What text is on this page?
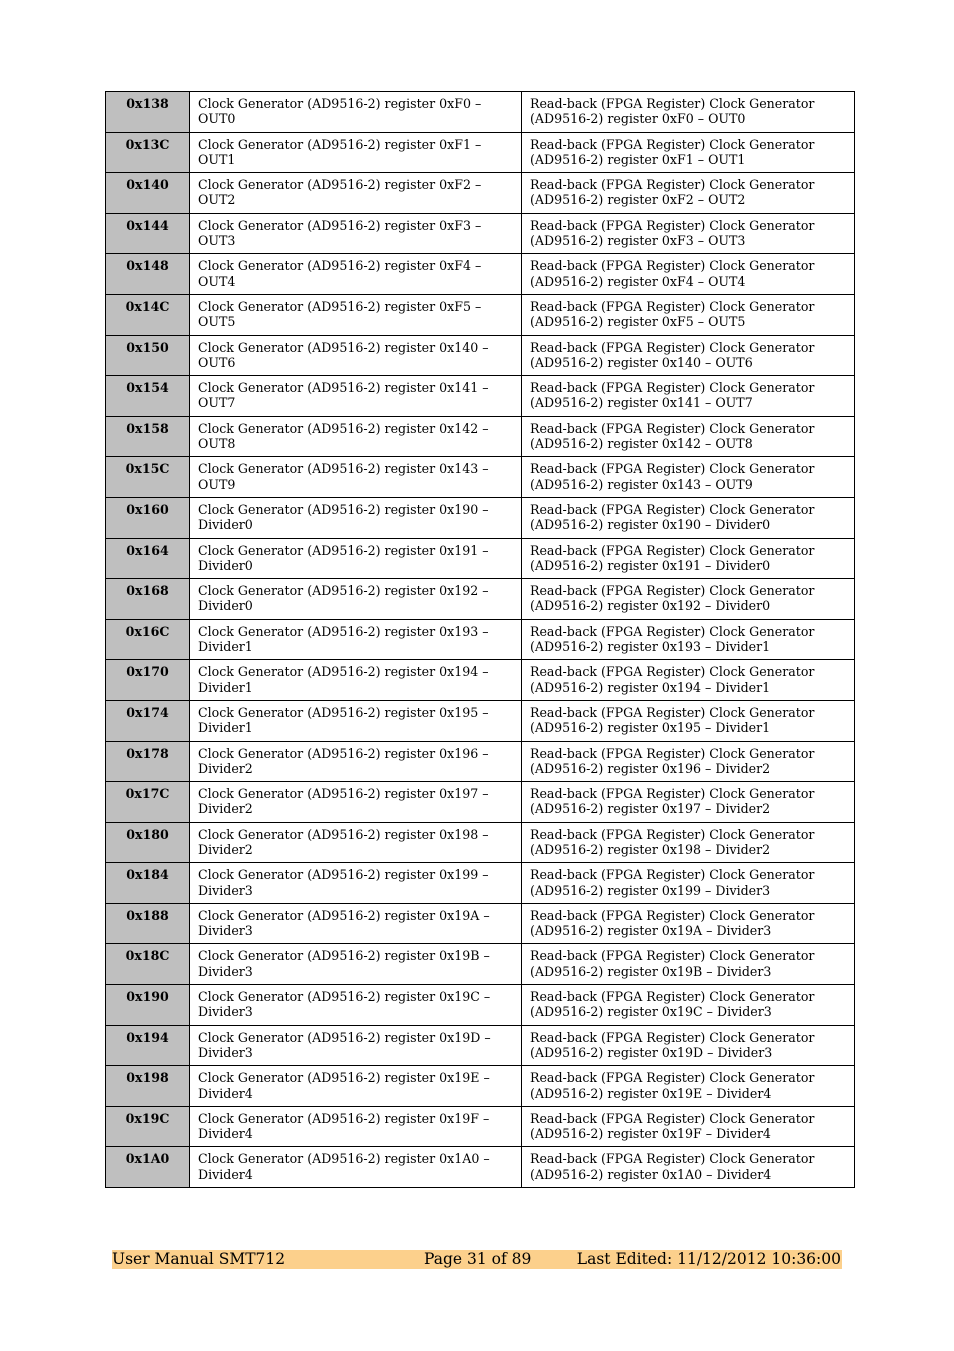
0x138	Clock Generator (AD9516-2) register 0xF0 – OUT0	Read-back (FPGA Register) Clock Generator (AD9516-2) register 0xF0 – OUT0
0x13C	Clock Generator (AD9516-2) register 0xF1 – OUT1	Read-back (FPGA Register) Clock Generator (AD9516-2) register 0xF1 – OUT1
0x140	Clock Generator (AD9516-2) register 0xF2 – OUT2	Read-back (FPGA Register) Clock Generator (AD9516-2) register 0xF2 – OUT2
0x144	Clock Generator (AD9516-2) register 0xF3 – OUT3	Read-back (FPGA Register) Clock Generator (AD9516-2) register 0xF3 – OUT3
0x148	Clock Generator (AD9516-2) register 0xF4 – OUT4	Read-back (FPGA Register) Clock Generator (AD9516-2) register 0xF4 – OUT4
0x14C	Clock Generator (AD9516-2) register 0xF5 – OUT5	Read-back (FPGA Register) Clock Generator (AD9516-2) register 0xF5 – OUT5
0x150	Clock Generator (AD9516-2) register 0x140 – OUT6	Read-back (FPGA Register) Clock Generator (AD9516-2) register 0x140 – OUT6
0x154	Clock Generator (AD9516-2) register 0x141 – OUT7	Read-back (FPGA Register) Clock Generator (AD9516-2) register 0x141 – OUT7
0x158	Clock Generator (AD9516-2) register 0x142 – OUT8	Read-back (FPGA Register) Clock Generator (AD9516-2) register 0x142 – OUT8
0x15C	Clock Generator (AD9516-2) register 0x143 – OUT9	Read-back (FPGA Register) Clock Generator (AD9516-2) register 0x143 – OUT9
0x160	Clock Generator (AD9516-2) register 0x190 – Divider0	Read-back (FPGA Register) Clock Generator (AD9516-2) register 0x190 – Divider0
0x164	Clock Generator (AD9516-2) register 0x191 – Divider0	Read-back (FPGA Register) Clock Generator (AD9516-2) register 0x191 – Divider0
0x168	Clock Generator (AD9516-2) register 0x192 – Divider0	Read-back (FPGA Register) Clock Generator (AD9516-2) register 0x192 – Divider0
0x16C	Clock Generator (AD9516-2) register 0x193 – Divider1	Read-back (FPGA Register) Clock Generator (AD9516-2) register 0x193 – Divider1
0x170	Clock Generator (AD9516-2) register 0x194 – Divider1	Read-back (FPGA Register) Clock Generator (AD9516-2) register 0x194 – Divider1
0x174	Clock Generator (AD9516-2) register 0x195 – Divider1	Read-back (FPGA Register) Clock Generator (AD9516-2) register 0x195 – Divider1
0x178	Clock Generator (AD9516-2) register 0x196 – Divider2	Read-back (FPGA Register) Clock Generator (AD9516-2) register 0x196 – Divider2
0x17C	Clock Generator (AD9516-2) register 0x197 – Divider2	Read-back (FPGA Register) Clock Generator (AD9516-2) register 0x197 – Divider2
0x180	Clock Generator (AD9516-2) register 0x198 – Divider2	Read-back (FPGA Register) Clock Generator (AD9516-2) register 0x198 – Divider2
0x184	Clock Generator (AD9516-2) register 0x199 – Divider3	Read-back (FPGA Register) Clock Generator (AD9516-2) register 0x199 – Divider3
0x188	Clock Generator (AD9516-2) register 0x19A – Divider3	Read-back (FPGA Register) Clock Generator (AD9516-2) register 0x19A – Divider3
0x18C	Clock Generator (AD9516-2) register 0x19B – Divider3	Read-back (FPGA Register) Clock Generator (AD9516-2) register 0x19B – Divider3
0x190	Clock Generator (AD9516-2) register 0x19C – Divider3	Read-back (FPGA Register) Clock Generator (AD9516-2) register 0x19C – Divider3
0x194	Clock Generator (AD9516-2) register 0x19D – Divider3	Read-back (FPGA Register) Clock Generator (AD9516-2) register 0x19D – Divider3
0x198	Clock Generator (AD9516-2) register 0x19E – Divider4	Read-back (FPGA Register) Clock Generator (AD9516-2) register 0x19E – Divider4
0x19C	Clock Generator (AD9516-2) register 0x19F – Divider4	Read-back (FPGA Register) Clock Generator (AD9516-2) register 0x19F – Divider4
0x1A0	Clock Generator (AD9516-2) register 0x1A0 – Divider4	Read-back (FPGA Register) Clock Generator (AD9516-2) register 0x1A0 – Divider4
User Manual SMT712	Page 31 of 89	Last Edited: 11/12/2012 10:36:00
